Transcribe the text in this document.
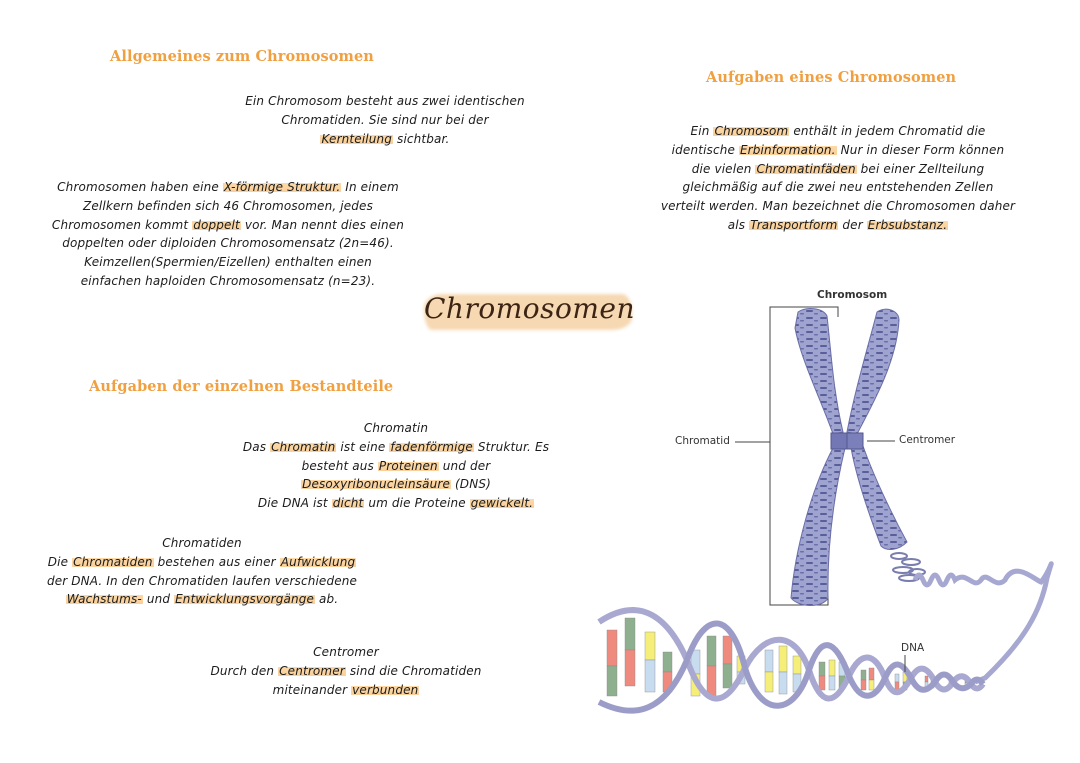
Allgemeines zum Chromosomen
Ein Chromosom besteht aus zwei identischen
Chromatiden. Sie sind nur bei der
Kernteilung sichtbar.
Chromosomen haben eine X-förmige Struktur. In einem
Zellkern befinden sich 46 Chromosomen, jedes
Chromosomen kommt doppelt vor. Man nennt dies einen
doppelten oder diploiden Chromosomensatz (2n=46).
Keimzellen(Spermien/Eizellen) enthalten einen
einfachen haploiden Chromosomensatz (n=23).
Aufgaben eines Chromosomen
Ein Chromosom enthält in jedem Chromatid die
identische Erbinformation. Nur in dieser Form können
die vielen Chromatinfäden bei einer Zellteilung
gleichmäßig auf die zwei neu entstehenden Zellen
verteilt werden. Man bezeichnet die Chromosomen daher
als Transportform der Erbsubstanz.
Chromosomen
Aufgaben der einzelnen Bestandteile
Chromatin
Das Chromatin ist eine fadenförmige Struktur. Es
besteht aus Proteinen und der
Desoxyribonucleinsäure (DNS)
Die DNA ist dicht um die Proteine gewickelt.
Chromatiden
Die Chromatiden bestehen aus einer Aufwicklung
der DNA. In den Chromatiden laufen verschiedene
Wachstums- und Entwicklungsvorgänge ab.
Centromer
Durch den Centromer sind die Chromatiden
miteinander verbunden
Chromosom
Chromatid	Centromer
DNA
